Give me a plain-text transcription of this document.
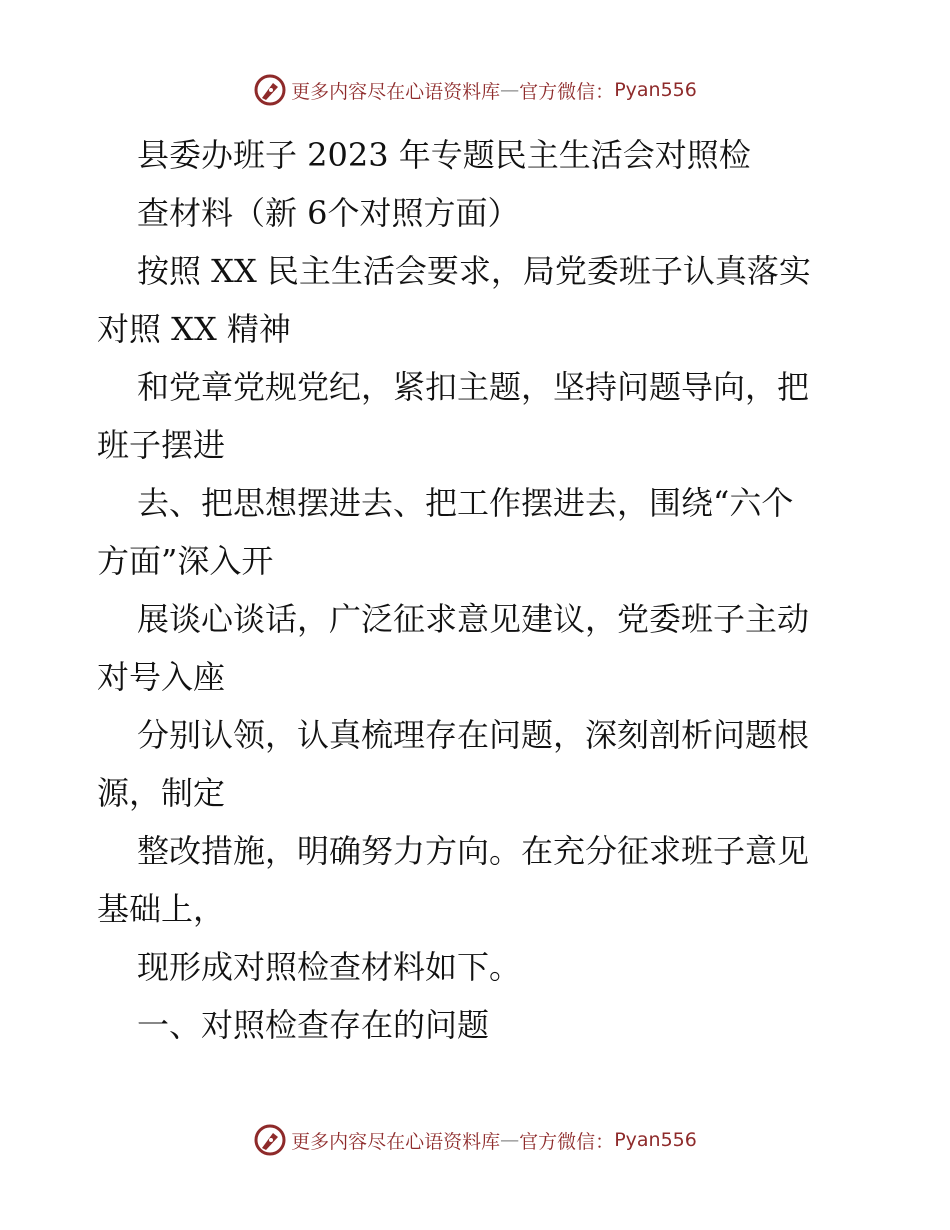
更多内容尽在心语资料库 — 官方微信： Pyan556

县委办班子 2023 年专题民主生活会对照检

查材料（新 6个对照方面）

按照 XX 民主生活会要求，局党委班子认真落实

对照 XX 精神

和党章党规党纪，紧扣主题，坚持问题导向，把

班子摆进

去、把思想摆进去、把工作摆进去，围绕“六个

方面”深入开

展谈心谈话，广泛征求意见建议，党委班子主动

对号入座

分别认领，认真梳理存在问题，深刻剖析问题根

源，制定

整改措施，明确努力方向。在充分征求班子意见

基础上，

现形成对照检查材料如下。

一、对照检查存在的问题

更多内容尽在心语资料库 — 官方微信： Pyan556
